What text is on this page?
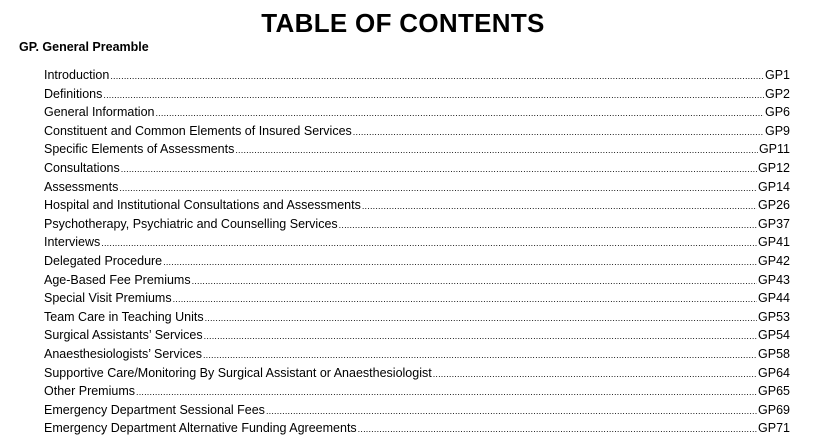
TABLE OF CONTENTS
GP. General Preamble
Introduction .....	GP1
Definitions .....	GP2
General Information .....	GP6
Constituent and Common Elements of Insured Services .....	GP9
Specific Elements of Assessments .....	GP11
Consultations .....	GP12
Assessments .....	GP14
Hospital and Institutional Consultations and Assessments .....	GP26
Psychotherapy, Psychiatric and Counselling Services .....	GP37
Interviews .....	GP41
Delegated Procedure .....	GP42
Age-Based Fee Premiums .....	GP43
Special Visit Premiums .....	GP44
Team Care in Teaching Units .....	GP53
Surgical Assistants’ Services .....	GP54
Anaesthesiologists’ Services .....	GP58
Supportive Care/Monitoring By Surgical Assistant or Anaesthesiologist .....	GP64
Other Premiums .....	GP65
Emergency Department Sessional Fees .....	GP69
Emergency Department Alternative Funding Agreements .....	GP71
